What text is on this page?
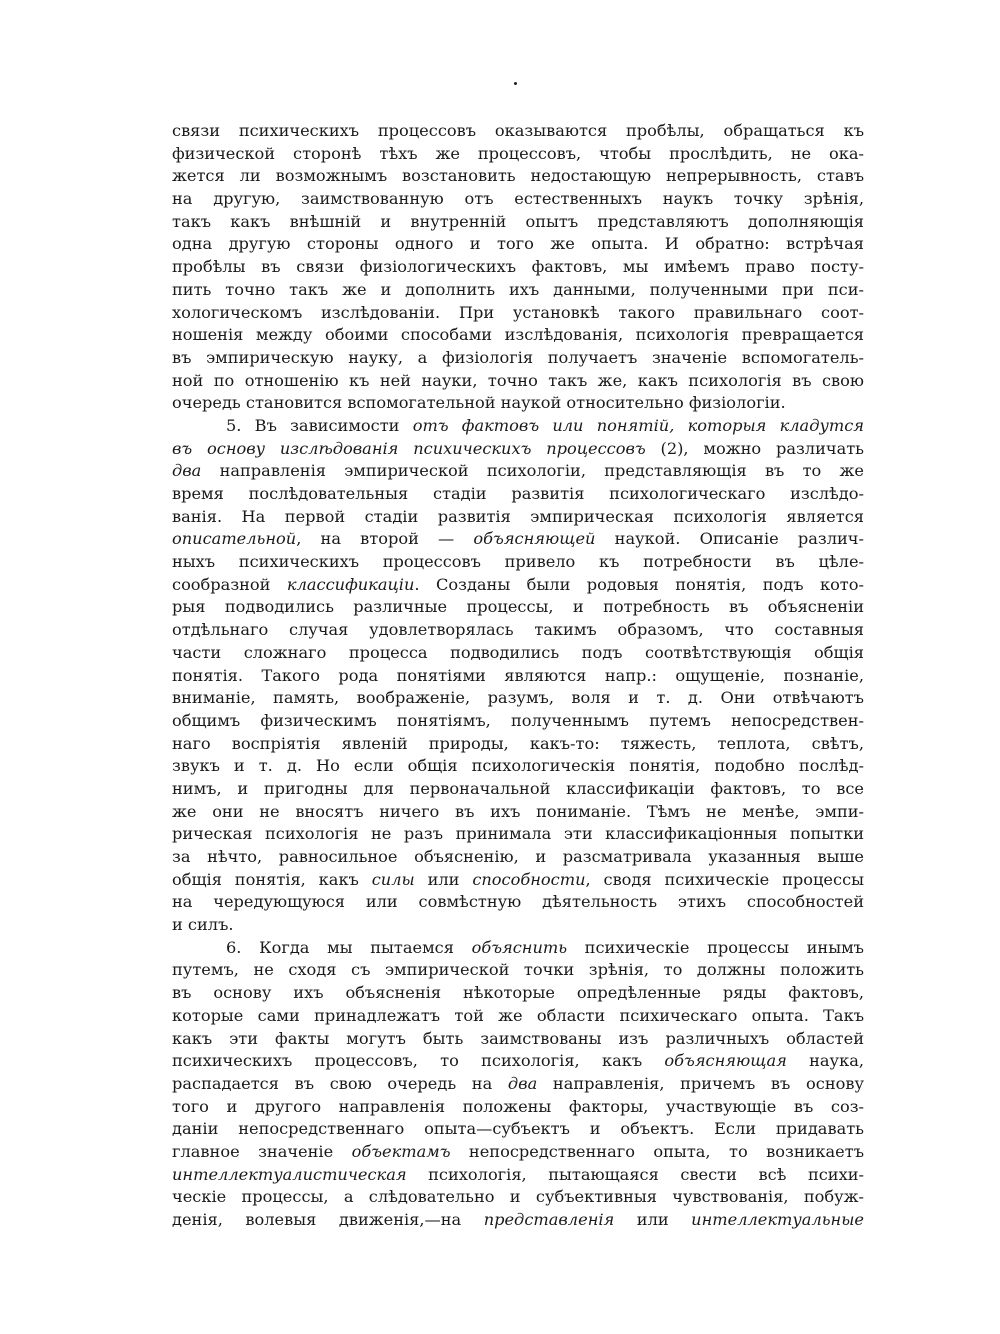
связи психическихъ процессовъ оказываются пробѣлы, обращаться къ
физической сторонѣ тѣхъ же процессовъ, чтобы прослѣдить, не ока-
жется ли возможнымъ возстановить недостающую непрерывность, ставъ
на другую, заимствованную отъ естественныхъ наукъ точку зрѣнія,
такъ какъ внѣшній и внутренній опытъ представляютъ дополняющія
одна другую стороны одного и того же опыта. И обратно: встрѣчая
пробѣлы въ связи физіологическихъ фактовъ, мы имѣемъ право посту-
пить точно такъ же и дополнить ихъ данными, полученными при пси-
хологическомъ изслѣдованіи. При установкѣ такого правильнаго соот-
ношенія между обоими способами изслѣдованія, психологія превращается
въ эмпирическую науку, а физіологія получаетъ значеніе вспомогатель-
ной по отношенію къ ней науки, точно такъ же, какъ психологія въ свою
очередь становится вспомогательной наукой относительно физіологіи.
5. Въ зависимости отъ фактовъ или понятій, которыя кладутся
въ основу изслѣдованія психическихъ процессовъ (2), можно различать
два направленія эмпирической психологіи, представляющія въ то же
время послѣдовательныя стадіи развитія психологическаго изслѣдо-
ванія. На первой стадіи развитія эмпирическая психологія является
описательной, на второй — объясняющей наукой. Описаніе различ-
ныхъ психическихъ процессовъ привело къ потребности въ цѣле-
сообразной классификаціи. Созданы были родовыя понятія, подъ кото-
рыя подводились различные процессы, и потребность въ объясненіи
отдѣльнаго случая удовлетворялась такимъ образомъ, что составныя
части сложнаго процесса подводились подъ соотвѣтствующія общія
понятія. Такого рода понятіями являются напр.: ощущеніе, познаніе,
вниманіе, память, воображеніе, разумъ, воля и т. д. Они отвѣчаютъ
общимъ физическимъ понятіямъ, полученнымъ путемъ непосредствен-
наго воспріятія явленій природы, какъ-то: тяжесть, теплота, свѣтъ,
звукъ и т. д. Но если общія психологическія понятія, подобно послѣд-
нимъ, и пригодны для первоначальной классификаціи фактовъ, то все
же они не вносятъ ничего въ ихъ пониманіе. Тѣмъ не менѣе, эмпи-
рическая психологія не разъ принимала эти классификаціонныя попытки
за нѣчто, равносильное объясненію, и разсматривала указанныя выше
общія понятія, какъ силы или способности, сводя психическіе процессы
на чередующуюся или совмѣстную дѣятельность этихъ способностей
и силъ.
6. Когда мы пытаемся объяснить психическіе процессы инымъ
путемъ, не сходя съ эмпирической точки зрѣнія, то должны положить
въ основу ихъ объясненія нѣкоторые опредѣленные ряды фактовъ,
которые сами принадлежатъ той же области психическаго опыта. Такъ
какъ эти факты могутъ быть заимствованы изъ различныхъ областей
психическихъ процессовъ, то психологія, какъ объясняющая наука,
распадается въ свою очередь на два направленія, причемъ въ основу
того и другого направленія положены факторы, участвующіе въ соз-
даніи непосредственнаго опыта—субъектъ и объектъ. Если придавать
главное значеніе объектамъ непосредственнаго опыта, то возникаетъ
интеллектуалистическая психологія, пытающаяся свести всѣ психи-
ческіе процессы, а слѣдовательно и субъективныя чувствованія, побуж-
денія, волевыя движенія,—на представленія или интеллектуальные
